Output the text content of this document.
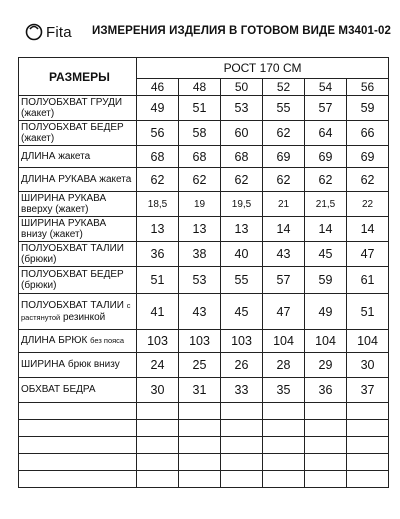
Fita ИЗМЕРЕНИЯ ИЗДЕЛИЯ В ГОТОВОМ ВИДЕ М3401-02
РАЗМЕРЫ	РОСТ 170 СМ					
	46	48	50	52	54	56
ПОЛУОБХВАТ ГРУДИ (жакет)	49	51	53	55	57	59
ПОЛУОБХВАТ БЕДЕР (жакет)	56	58	60	62	64	66
ДЛИНА жакета	68	68	68	69	69	69
ДЛИНА РУКАВА жакета	62	62	62	62	62	62
ШИРИНА РУКАВА вверху (жакет)	18,5	19	19,5	21	21,5	22
ШИРИНА РУКАВА внизу (жакет)	13	13	13	14	14	14
ПОЛУОБХВАТ ТАЛИИ (брюки)	36	38	40	43	45	47
ПОЛУОБХВАТ БЕДЕР (брюки)	51	53	55	57	59	61
ПОЛУОБХВАТ ТАЛИИ с растянутой резинкой	41	43	45	47	49	51
ДЛИНА БРЮК без пояса	103	103	103	104	104	104
ШИРИНА брюк внизу	24	25	26	28	29	30
ОБХВАТ БЕДРА	30	31	33	35	36	37
